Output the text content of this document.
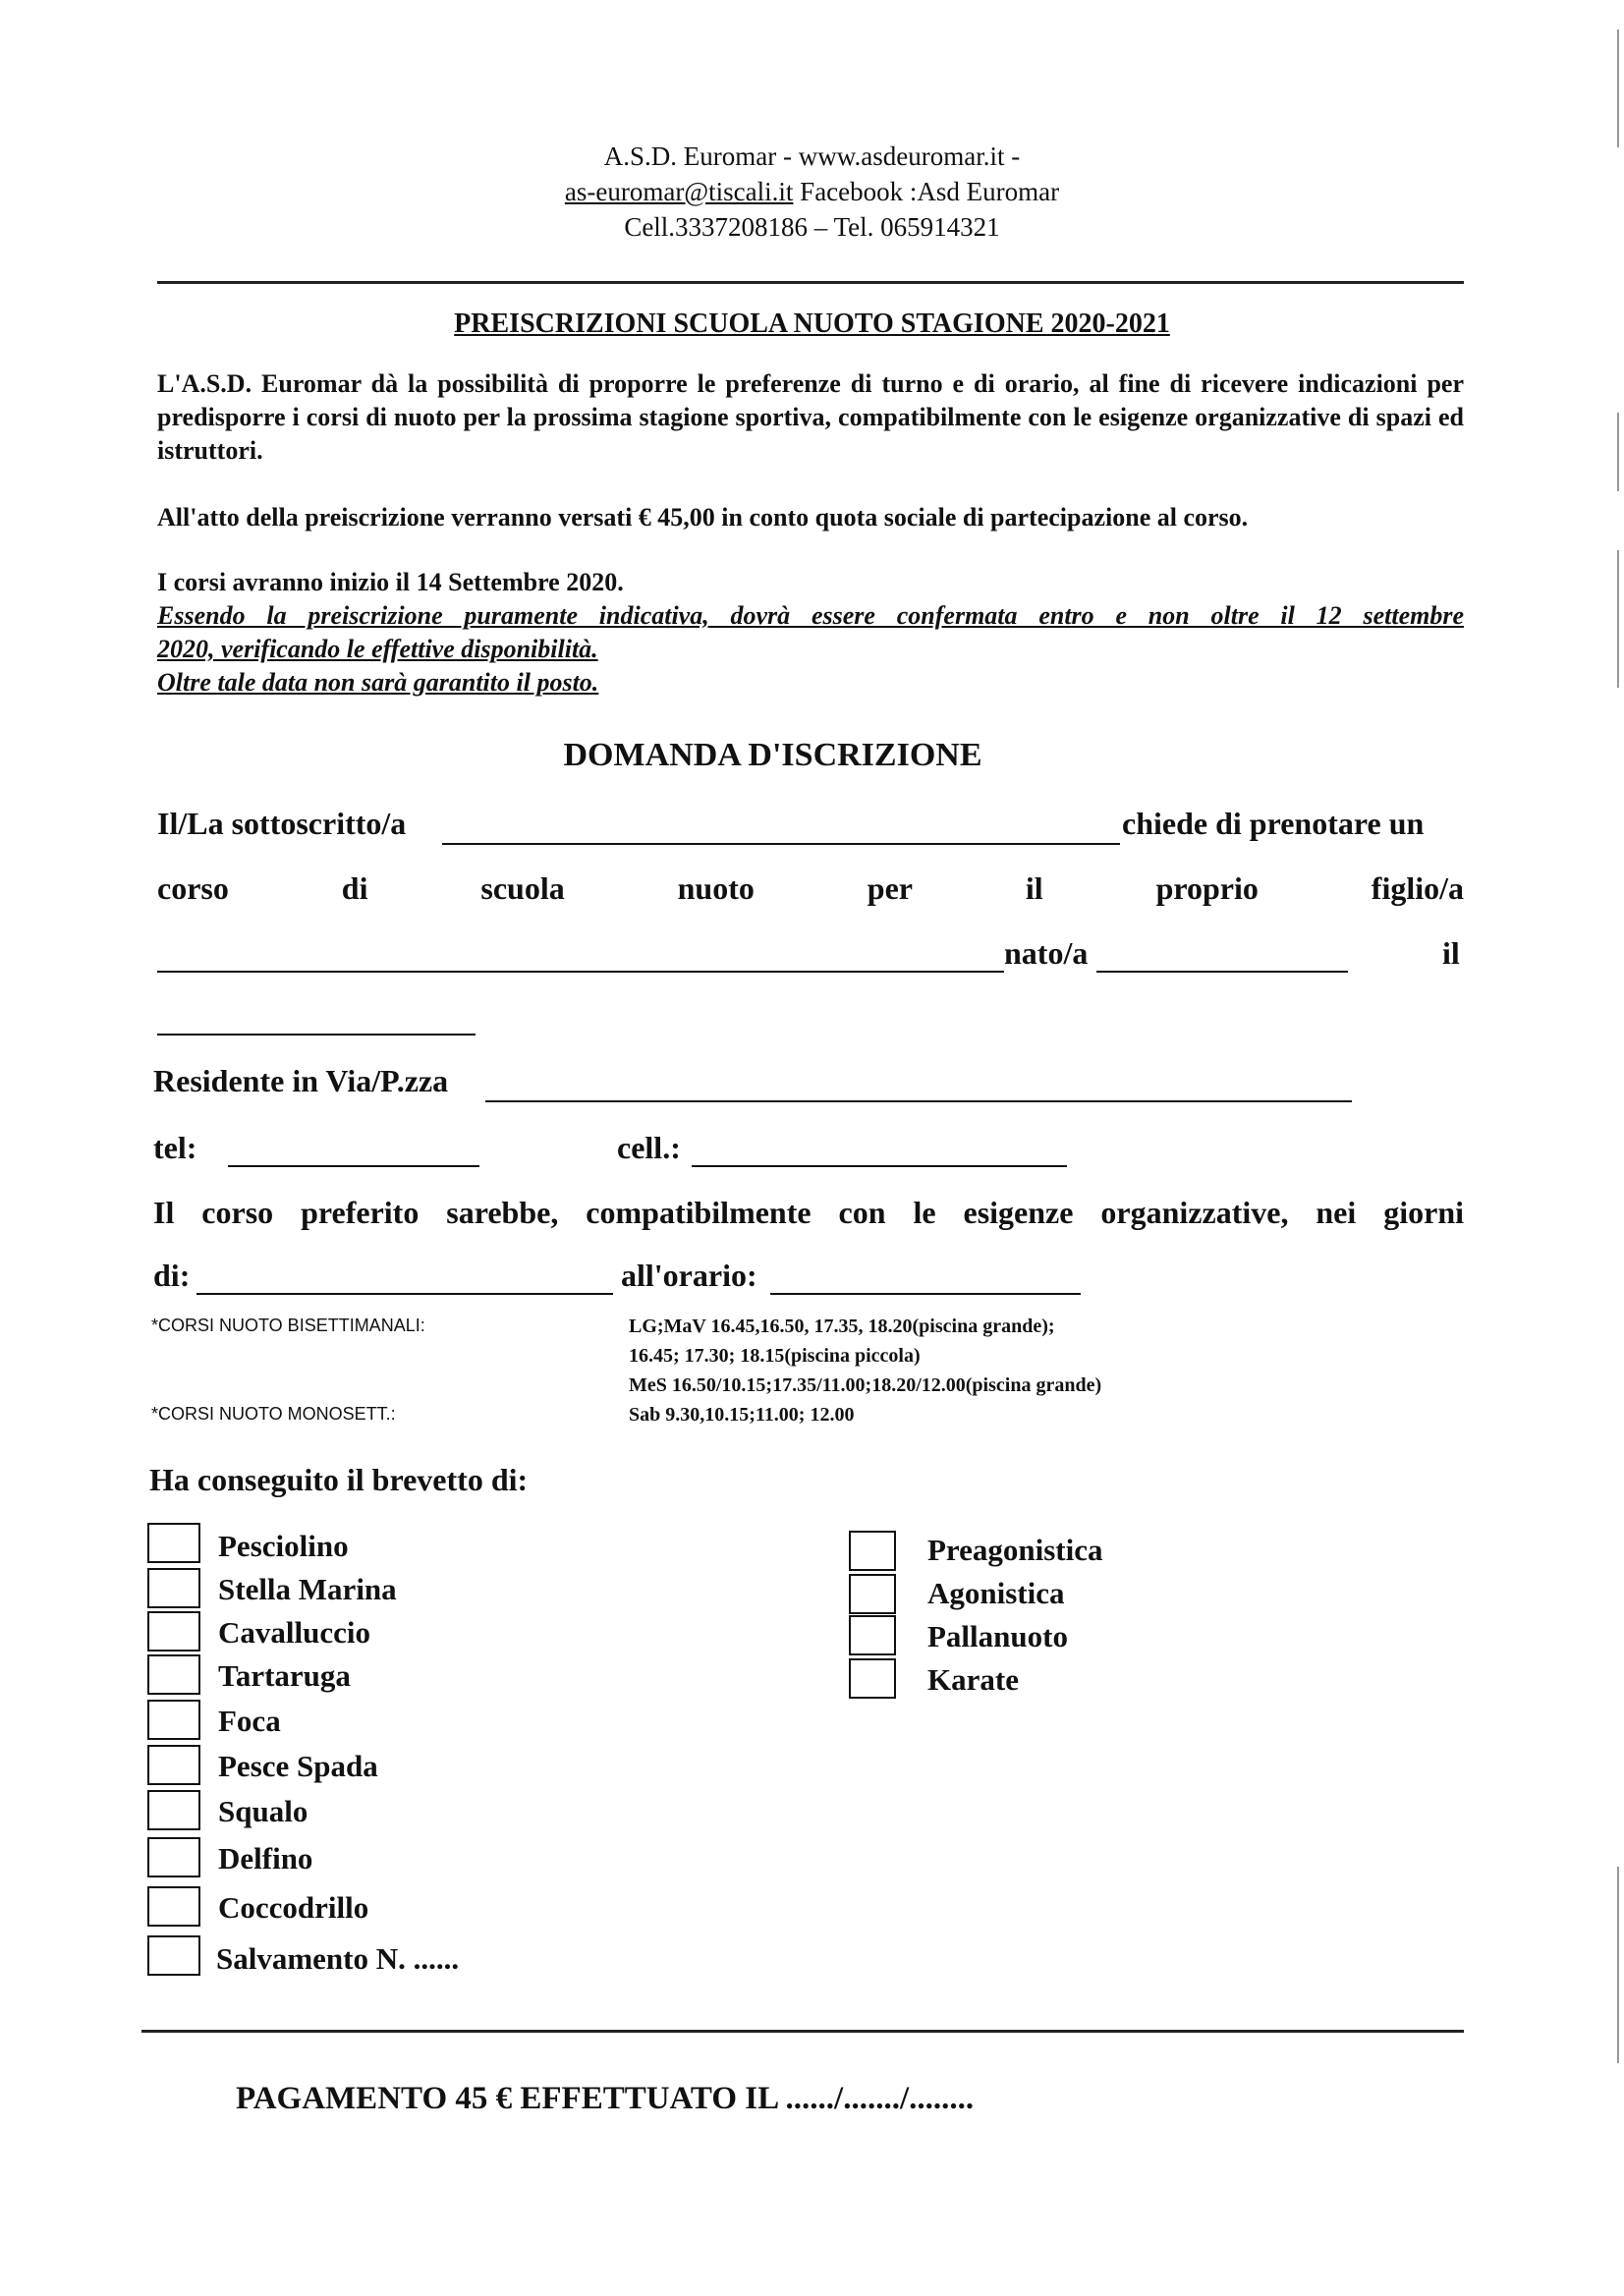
A.S.D. Euromar - www.asdeuromar.it -
as-euromar@tiscali.it Facebook :Asd Euromar
Cell.3337208186 – Tel. 065914321
PREISCRIZIONI SCUOLA NUOTO STAGIONE 2020-2021
L'A.S.D. Euromar dà la possibilità di proporre le preferenze di turno e di orario, al fine di ricevere indicazioni per predisporre i corsi di nuoto per la prossima stagione sportiva, compatibilmente con le esigenze organizzative di spazi ed istruttori.
All'atto della preiscrizione verranno versati € 45,00 in conto quota sociale di partecipazione al corso.
I corsi avranno inizio il 14 Settembre 2020.
Essendo la preiscrizione puramente indicativa, dovrà essere confermata entro e non oltre il 12 settembre
2020, verificando le effettive disponibilità.
Oltre tale data non sarà garantito il posto.
DOMANDA D'ISCRIZIONE
Il/La sottoscritto/a	chiede di prenotare un
corso	di	scuola	nuoto	per	il	proprio	figlio/a
nato/a	il
Residente in Via/P.zza
tel:	cell.:
Il corso preferito sarebbe, compatibilmente con le esigenze organizzative, nei giorni
di:	all'orario:
*CORSI NUOTO BISETTIMANALI:	LG;MaV 16.45,16.50, 17.35, 18.20(piscina grande);
16.45; 17.30; 18.15(piscina piccola)
MeS 16.50/10.15;17.35/11.00;18.20/12.00(piscina grande)
*CORSI NUOTO MONOSETT.:	Sab 9.30,10.15;11.00; 12.00
Ha conseguito il brevetto di:
Pesciolino
Stella Marina
Cavalluccio
Tartaruga
Foca
Pesce Spada
Squalo
Delfino
Coccodrillo
Salvamento N. ......
Preagonistica
Agonistica
Pallanuoto
Karate
PAGAMENTO 45 € EFFETTUATO IL ....../......./........
